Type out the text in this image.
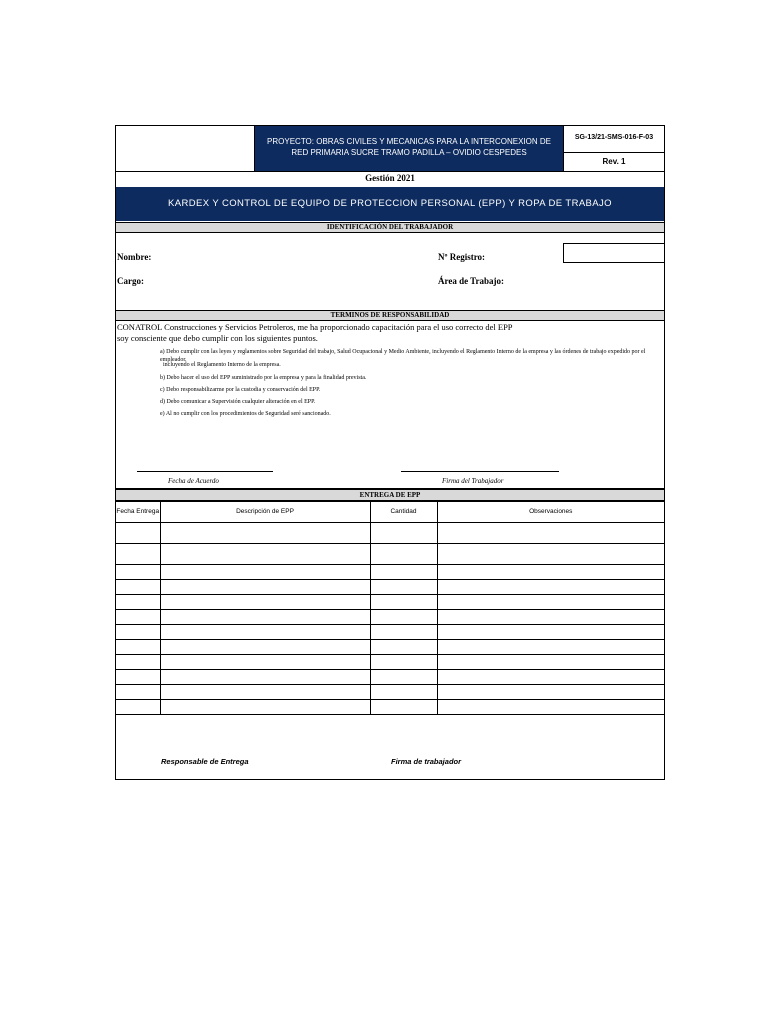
PROYECTO: OBRAS CIVILES Y MECANICAS PARA LA INTERCONEXION DE RED PRIMARIA SUCRE TRAMO PADILLA – OVIDIO CESPEDES
SG-13/21-SMS-016-F-03
Rev. 1
Gestión 2021
KARDEX Y CONTROL DE EQUIPO DE PROTECCION PERSONAL (EPP) Y ROPA DE TRABAJO
IDENTIFICACIÓN DEL TRABAJADOR
Nombre:	Nº Registro:
Cargo:	Área de Trabajo:
TERMINOS DE RESPONSABILIDAD
CONATROL Construcciones y Servicios Petroleros, me ha proporcionado capacitación para el uso correcto del EPP
soy consciente que debo cumplir con los siguientes puntos.
a) Debo cumplir con las leyes y reglamentos sobre Seguridad del trabajo, Salud Ocupacional y Medio Ambiente, incluyendo el Reglamento Interno de la empresa y las órdenes de trabajo expedido por el empleador.
incluyendo el Reglamento Interno de la empresa.
b) Debo hacer el uso del EPP suministrado por la empresa y para la finalidad prevista.
c) Debo responsabilizarme por la custodia y conservación del EPP.
d) Debo comunicar a Supervisión cualquier alteración en el EPP.
e) Al no cumplir con los procedimientos de Seguridad seré sancionado.
Fecha de Acuerdo	Firma del Trabajador
ENTREGA DE EPP
Fecha Entrega	Descripción de EPP	Cantidad	Observaciones

Responsable de Entrega	Firma de trabajador
